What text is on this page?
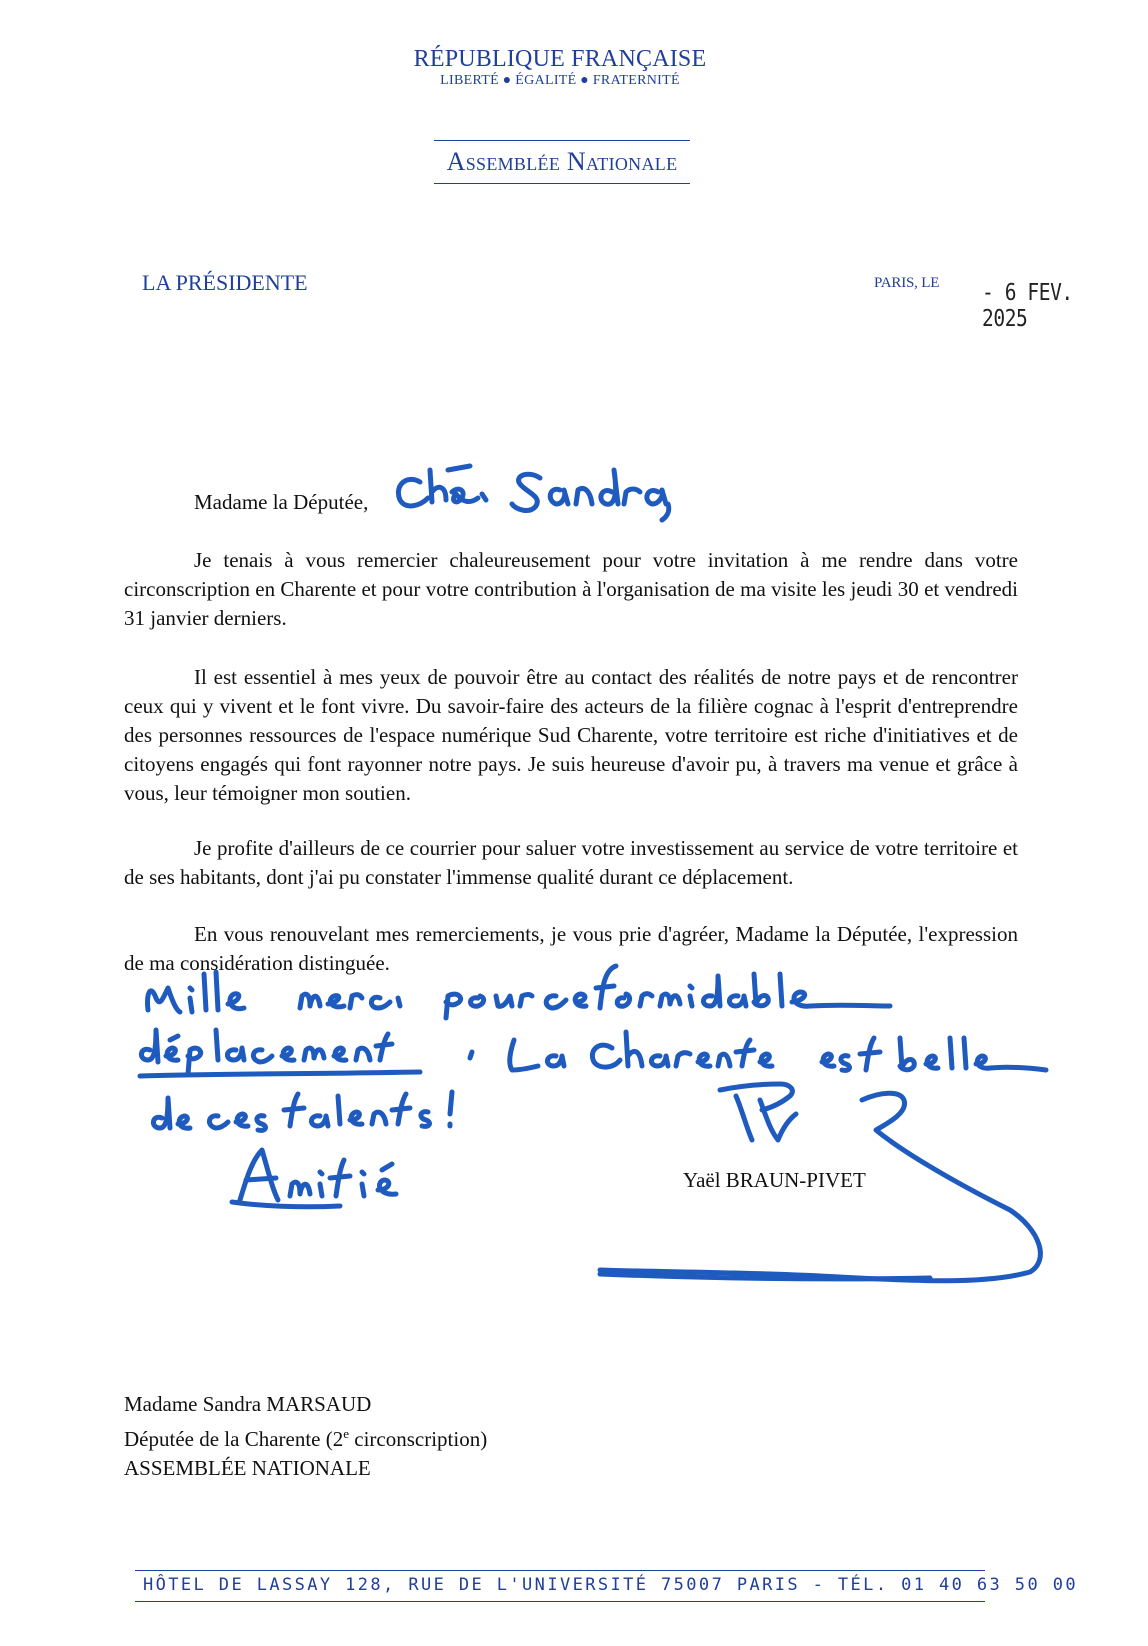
RÉPUBLIQUE FRANÇAISE
LIBERTÉ ● ÉGALITÉ ● FRATERNITÉ
Assemblée Nationale
LA PRÉSIDENTE	PARIS, LE - 6 FEV. 2025
Madame la Députée,

Je tenais à vous remercier chaleureusement pour votre invitation à me rendre dans votre circonscription en Charente et pour votre contribution à l'organisation de ma visite les jeudi 30 et vendredi 31 janvier derniers.

Il est essentiel à mes yeux de pouvoir être au contact des réalités de notre pays et de rencontrer ceux qui y vivent et le font vivre. Du savoir-faire des acteurs de la filière cognac à l'esprit d'entreprendre des personnes ressources de l'espace numérique Sud Charente, votre territoire est riche d'initiatives et de citoyens engagés qui font rayonner notre pays. Je suis heureuse d'avoir pu, à travers ma venue et grâce à vous, leur témoigner mon soutien.

Je profite d'ailleurs de ce courrier pour saluer votre investissement au service de votre territoire et de ses habitants, dont j'ai pu constater l'immense qualité durant ce déplacement.

En vous renouvelant mes remerciements, je vous prie d'agréer, Madame la Députée, l'expression de ma considération distinguée.

Yaël BRAUN-PIVET
Madame Sandra MARSAUD
Députée de la Charente (2e circonscription)
ASSEMBLÉE NATIONALE
HÔTEL DE LASSAY 128, RUE DE L'UNIVERSITÉ 75007 PARIS - TÉL. 01 40 63 50 00
